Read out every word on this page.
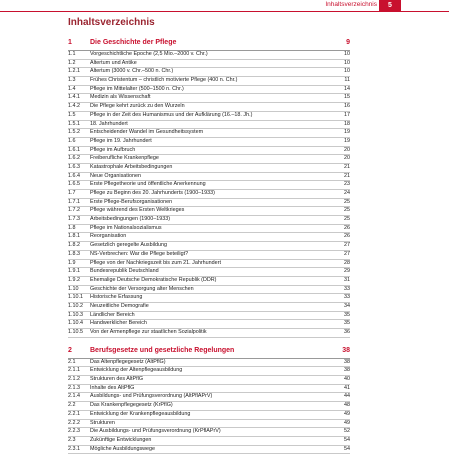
Inhaltsverzeichnis	5
Inhaltsverzeichnis
1	Die Geschichte der Pflege	9
1.1	Vorgeschichtliche Epoche (2,5 Mio.–2000 v. Chr.)	10
1.2	Altertum und Antike	10
1.2.1 Altertum (3000 v. Chr.–500 n. Chr.)	10
1.3	Frühes Christentum – christlich motivierte Pflege (400 n. Chr.)	11
1.4	Pflege im Mittelalter (500–1500 n. Chr.)	14
1.4.1 Medizin als Wissenschaft	15
1.4.2 Die Pflege kehrt zurück zu den Wurzeln	16
1.5	Pflege in der Zeit des Humanismus und der Aufklärung (16.–18. Jh.)	17
1.5.1 18. Jahrhundert	18
1.5.2 Entscheidender Wandel im Gesundheitssystem	19
1.6	Pflege im 19. Jahrhundert	19
1.6.1 Pflege im Aufbruch	20
1.6.2 Freiberufliche Krankenpflege	20
1.6.3 Katastrophale Arbeitsbedingungen	21
1.6.4 Neue Organisationen	21
1.6.5 Erste Pflegetheorie und öffentliche Anerkennung	23
1.7	Pflege zu Beginn des 20. Jahrhunderts (1900–1933)	24
1.7.1 Erste Pflege-Berufsorganisationen	25
1.7.2 Pflege während des Ersten Weltkrieges	25
1.7.3 Arbeitsbedingungen (1900–1933)	25
1.8	Pflege im Nationalsozialismus	26
1.8.1 Reorganisation	26
1.8.2 Gesetzlich geregelte Ausbildung	27
1.8.3 NS-Verbrechen: War die Pflege beteiligt?	27
1.9	Pflege von der Nachkriegszeit bis zum 21. Jahrhundert	28
1.9.1 Bundesrepublik Deutschland	29
1.9.2 Ehemalige Deutsche Demokratische Republik (DDR)	31
1.10 Geschichte der Versorgung alter Menschen	33
1.10.1 Historische Erfassung	33
1.10.2 Neuzeitliche Demografie	34
1.10.3 Ländlicher Bereich	35
1.10.4 Handwerklicher Bereich	35
1.10.5 Von der Armenpflege zur staatlichen Sozialpolitik	36
2	Berufsgesetze und gesetzliche Regelungen	38
2.1	Das Altenpflegegesetz (AltPflG)	38
2.1.1 Entwicklung der Altenpflegeausbildung	38
2.1.2 Strukturen des AltPflG	40
2.1.3 Inhalte des AltPflG	41
2.1.4 Ausbildungs- und Prüfungsverordnung (AltPflAPrV)	44
2.2	Das Krankenpflegegesetz (KrPflG)	48
2.2.1 Entwicklung der Krankenpflegeausbildung	49
2.2.2 Strukturen	49
2.2.3 Die Ausbildungs- und Prüfungsverordnung (KrPflAPrV)	52
2.3	Zukünftige Entwicklungen	54
2.3.1 Mögliche Ausbildungswege	54
